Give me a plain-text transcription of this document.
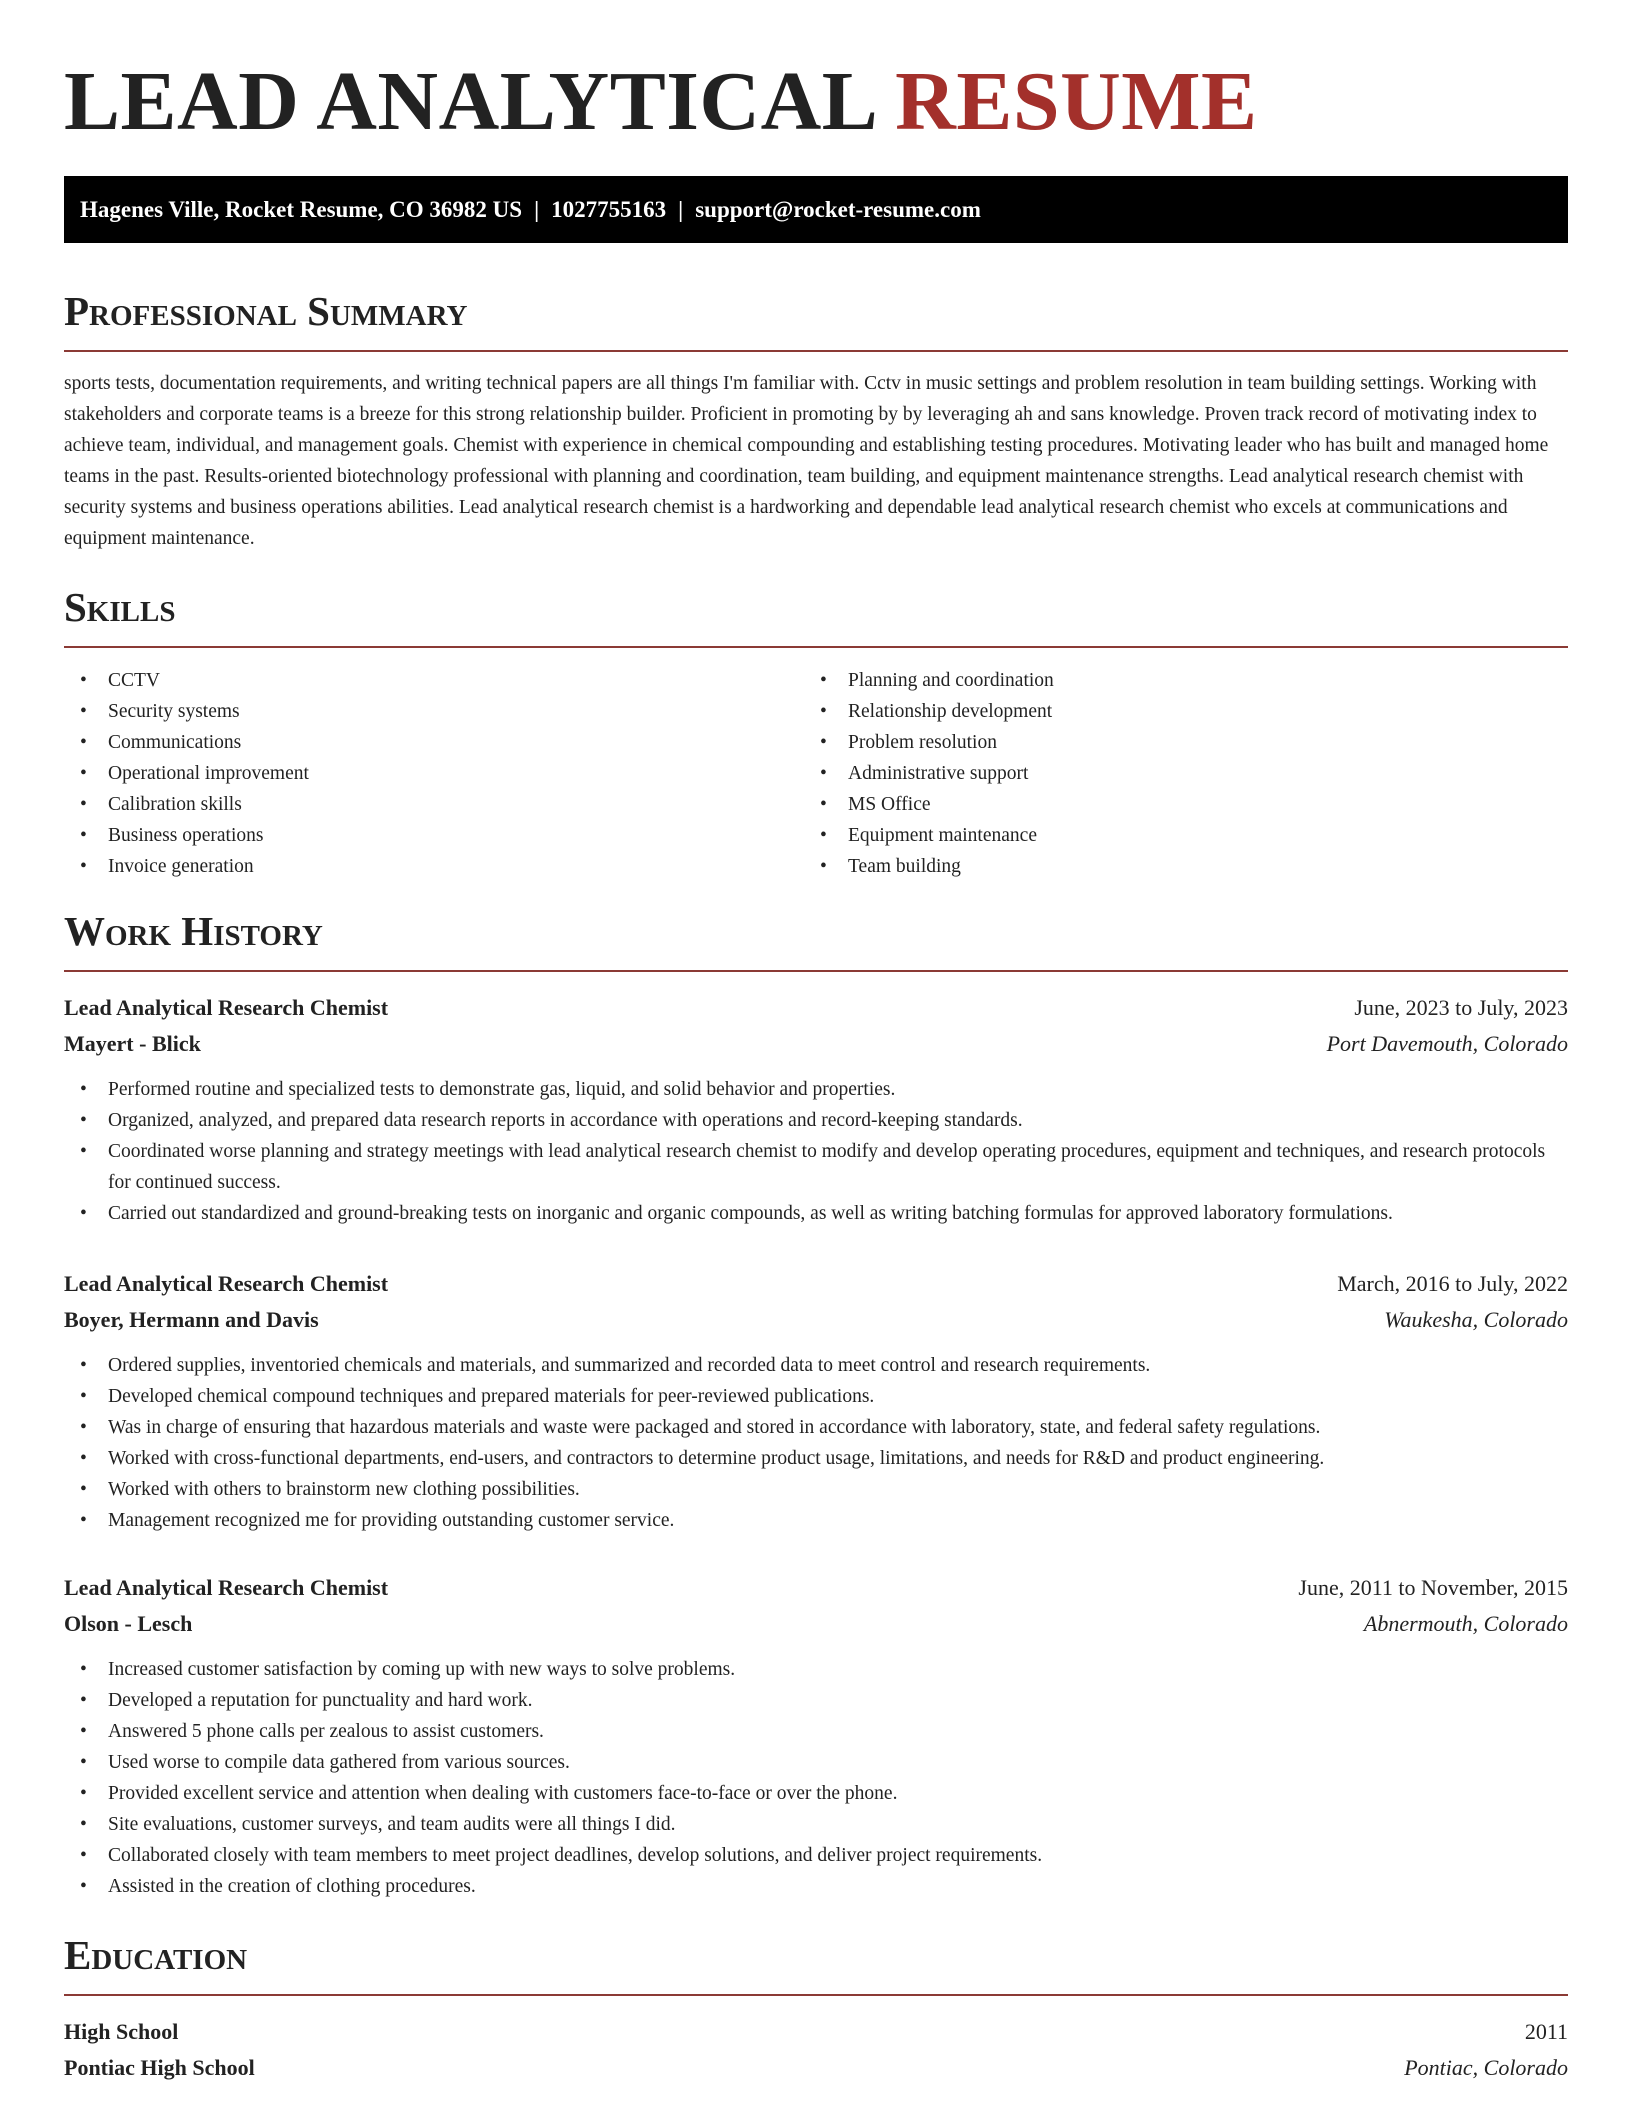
LEAD ANALYTICAL RESUME
Hagenes Ville, Rocket Resume, CO 36982 US | 1027755163 | support@rocket-resume.com
Professional Summary

sports tests, documentation requirements, and writing technical papers are all things I'm familiar with. Cctv in music settings and problem resolution in team building settings. Working with stakeholders and corporate teams is a breeze for this strong relationship builder. Proficient in promoting by by leveraging ah and sans knowledge. Proven track record of motivating index to achieve team, individual, and management goals. Chemist with experience in chemical compounding and establishing testing procedures. Motivating leader who has built and managed home teams in the past. Results-oriented biotechnology professional with planning and coordination, team building, and equipment maintenance strengths. Lead analytical research chemist with security systems and business operations abilities. Lead analytical research chemist is a hardworking and dependable lead analytical research chemist who excels at communications and equipment maintenance.

Skills
• CCTV
• Security systems
• Communications
• Operational improvement
• Calibration skills
• Business operations
• Invoice generation
• Planning and coordination
• Relationship development
• Problem resolution
• Administrative support
• MS Office
• Equipment maintenance
• Team building
Work History
Lead Analytical Research Chemist	June, 2023 to July, 2023
Mayert - Blick	Port Davemouth, Colorado
• Performed routine and specialized tests to demonstrate gas, liquid, and solid behavior and properties.
• Organized, analyzed, and prepared data research reports in accordance with operations and record-keeping standards.
• Coordinated worse planning and strategy meetings with lead analytical research chemist to modify and develop operating procedures, equipment and techniques, and research protocols for continued success.
• Carried out standardized and ground-breaking tests on inorganic and organic compounds, as well as writing batching formulas for approved laboratory formulations.
Lead Analytical Research Chemist	March, 2016 to July, 2022
Boyer, Hermann and Davis	Waukesha, Colorado
• Ordered supplies, inventoried chemicals and materials, and summarized and recorded data to meet control and research requirements.
• Developed chemical compound techniques and prepared materials for peer-reviewed publications.
• Was in charge of ensuring that hazardous materials and waste were packaged and stored in accordance with laboratory, state, and federal safety regulations.
• Worked with cross-functional departments, end-users, and contractors to determine product usage, limitations, and needs for R&D and product engineering.
• Worked with others to brainstorm new clothing possibilities.
• Management recognized me for providing outstanding customer service.
Lead Analytical Research Chemist	June, 2011 to November, 2015
Olson - Lesch	Abnermouth, Colorado
• Increased customer satisfaction by coming up with new ways to solve problems.
• Developed a reputation for punctuality and hard work.
• Answered 5 phone calls per zealous to assist customers.
• Used worse to compile data gathered from various sources.
• Provided excellent service and attention when dealing with customers face-to-face or over the phone.
• Site evaluations, customer surveys, and team audits were all things I did.
• Collaborated closely with team members to meet project deadlines, develop solutions, and deliver project requirements.
• Assisted in the creation of clothing procedures.
Education
High School	2011
Pontiac High School	Pontiac, Colorado
